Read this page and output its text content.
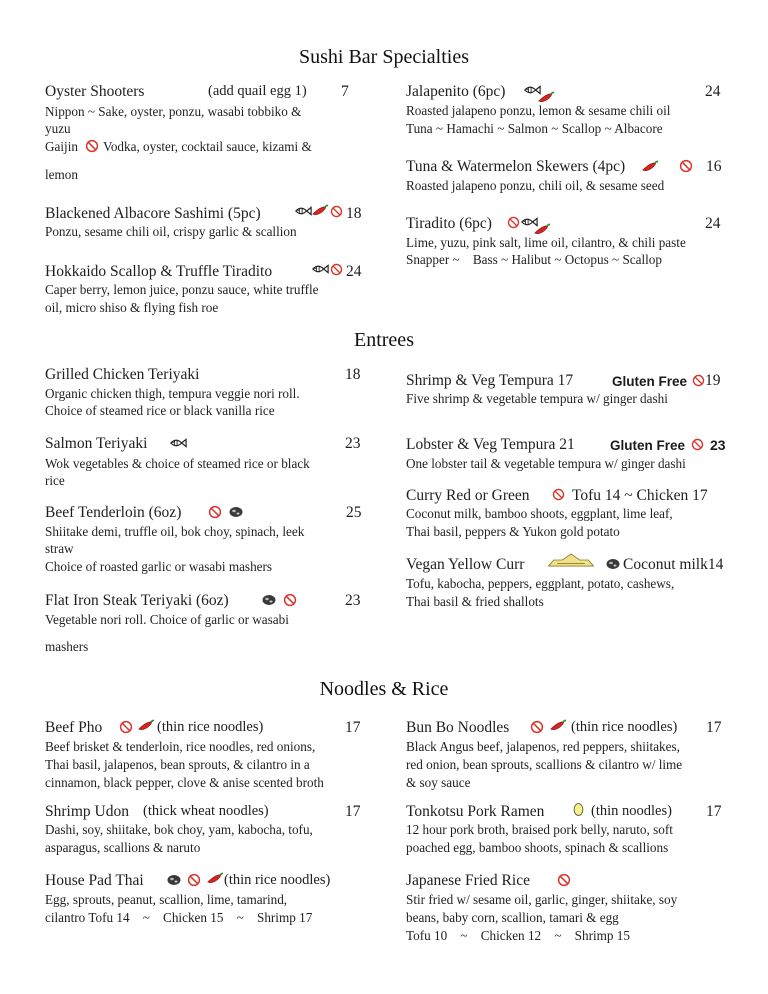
Sushi Bar Specialties
Oyster Shooters	(add quail egg 1) 7
Nippon ~ Sake, oyster, ponzu, wasabi tobbiko &
yuzu
Gaijin Vodka, oyster, cocktail sauce, kizami &
lemon
Blackened Albacore Sashimi (5pc)	18
Ponzu, sesame chili oil, crispy garlic & scallion
Hokkaido Scallop & Truffle Tiradito	24
Caper berry, lemon juice, ponzu sauce, white truffle
oil, micro shiso & flying fish roe
Jalapenito (6pc)	24
Roasted jalapeno ponzu, lemon & sesame chili oil
Tuna ~ Hamachi ~ Salmon ~ Scallop ~ Albacore
Tuna & Watermelon Skewers (4pc)	16
Roasted jalapeno ponzu, chili oil, & sesame seed
Tiradito (6pc)	24
Lime, yuzu, pink salt, lime oil, cilantro, & chili paste
Snapper ~    Bass ~ Halibut ~ Octopus ~ Scallop
Entrees
Grilled Chicken Teriyaki	18
Organic chicken thigh, tempura veggie nori roll.
Choice of steamed rice or black vanilla rice
Salmon Teriyaki	23
Wok vegetables & choice of steamed rice or black
rice
Beef Tenderloin (6oz)	25
Shiitake demi, truffle oil, bok choy, spinach, leek
straw
Choice of roasted garlic or wasabi mashers
Flat Iron Steak Teriyaki (6oz)	23
Vegetable nori roll. Choice of garlic or wasabi
mashers
Shrimp & Veg Tempura 17	Gluten Free 19
Five shrimp & vegetable tempura w/ ginger dashi
Lobster & Veg Tempura 21	Gluten Free 23
One lobster tail & vegetable tempura w/ ginger dashi
Curry Red or Green	Tofu 14 ~ Chicken 17
Coconut milk, bamboo shoots, eggplant, lime leaf,
Thai basil, peppers & Yukon gold potato
Vegan Yellow Curr	Coconut milk14
Tofu, kabocha, peppers, eggplant, potato, cashews,
Thai basil & fried shallots
Noodles & Rice
Beef Pho	(thin rice noodles)	17
Beef brisket & tenderloin, rice noodles, red onions,
Thai basil, jalapenos, bean sprouts, & cilantro in a
cinnamon, black pepper, clove & anise scented broth
Shrimp Udon (thick wheat noodles)	17
Dashi, soy, shiitake, bok choy, yam, kabocha, tofu,
asparagus, scallions & naruto
House Pad Thai	(thin rice noodles)
Egg, sprouts, peanut, scallion, lime, tamarind,
cilantro Tofu 14    ~    Chicken 15    ~    Shrimp 17
Bun Bo Noodles	(thin rice noodles) 17
Black Angus beef, jalapenos, red peppers, shiitakes,
red onion, bean sprouts, scallions & cilantro w/ lime
& soy sauce
Tonkotsu Pork Ramen	(thin noodles) 17
12 hour pork broth, braised pork belly, naruto, soft
poached egg, bamboo shoots, spinach & scallions
Japanese Fried Rice
Stir fried w/ sesame oil, garlic, ginger, shiitake, soy
beans, baby corn, scallion, tamari & egg
Tofu 10    ~    Chicken 12    ~    Shrimp 15
